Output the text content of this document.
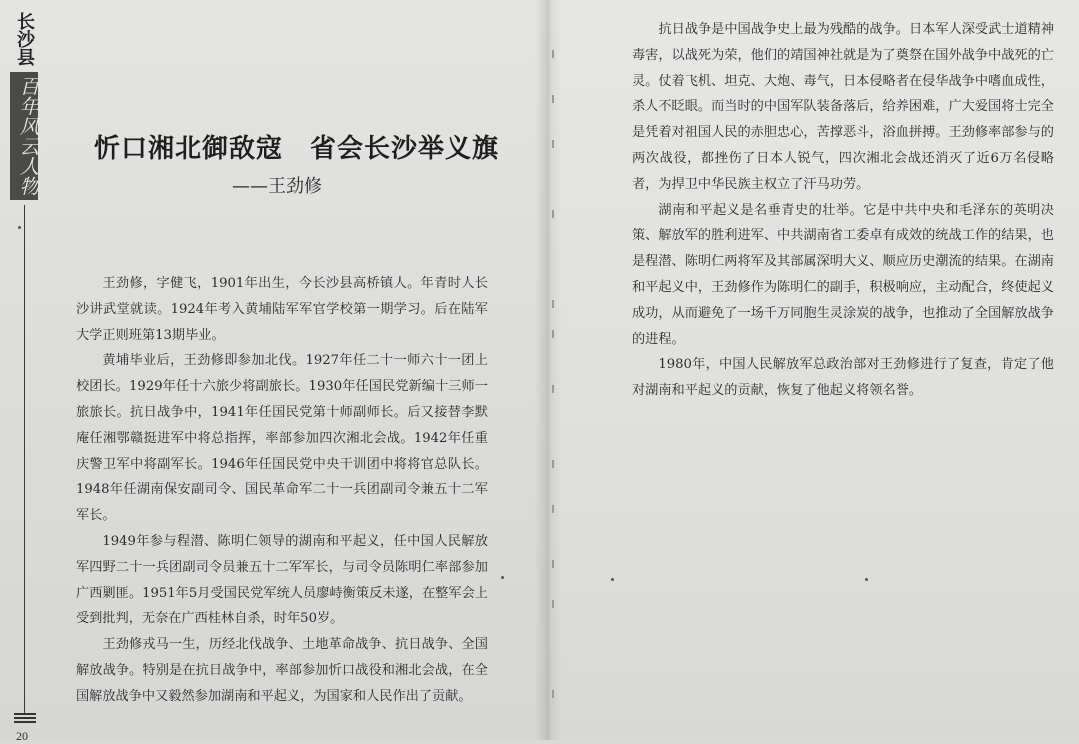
长沙县
百年风云人物
20
忻口湘北御敌寇　省会长沙举义旗
——王劲修

王劲修，字健飞，1901年出生，今长沙县高桥镇人。年青时人长沙讲武堂就读。1924年考入黄埔陆军军官学校第一期学习。后在陆军大学正则班第13期毕业。

黄埔毕业后，王劲修即参加北伐。1927年任二十一师六十一团上校团长。1929年任十六旅少将副旅长。1930年任国民党新编十三师一旅旅长。抗日战争中，1941年任国民党第十师副师长。后又接替李默庵任湘鄂赣挺进军中将总指挥，率部参加四次湘北会战。1942年任重庆警卫军中将副军长。1946年任国民党中央干训团中将将官总队长。1948年任湖南保安副司令、国民革命军二十一兵团副司令兼五十二军军长。

1949年参与程潜、陈明仁领导的湖南和平起义，任中国人民解放军四野二十一兵团副司令员兼五十二军军长，与司令员陈明仁率部参加广西剿匪。1951年5月受国民党军统人员廖峙衡策反未遂，在整军会上受到批判，无奈在广西桂林自杀，时年50岁。

王劲修戎马一生，历经北伐战争、土地革命战争、抗日战争、全国解放战争。特别是在抗日战争中，率部参加忻口战役和湘北会战，在全国解放战争中又毅然参加湖南和平起义，为国家和人民作出了贡献。

抗日战争是中国战争史上最为残酷的战争。日本军人深受武士道精神毒害，以战死为荣，他们的靖国神社就是为了奠祭在国外战争中战死的亡灵。仗着飞机、坦克、大炮、毒气，日本侵略者在侵华战争中嗜血成性，杀人不眨眼。而当时的中国军队装备落后，给养困难，广大爱国将士完全是凭着对祖国人民的赤胆忠心，苦撑恶斗，浴血拼搏。王劲修率部参与的两次战役，都挫伤了日本人锐气，四次湘北会战还消灭了近6万名侵略者，为捍卫中华民族主权立了汗马功劳。

湖南和平起义是名垂青史的壮举。它是中共中央和毛泽东的英明决策、解放军的胜利进军、中共湖南省工委卓有成效的统战工作的结果，也是程潜、陈明仁两将军及其部属深明大义、顺应历史潮流的结果。在湖南和平起义中，王劲修作为陈明仁的副手，积极响应，主动配合，终使起义成功，从而避免了一场千万同胞生灵涂炭的战争，也推动了全国解放战争的进程。

1980年，中国人民解放军总政治部对王劲修进行了复查，肯定了他对湖南和平起义的贡献，恢复了他起义将领名誉。
